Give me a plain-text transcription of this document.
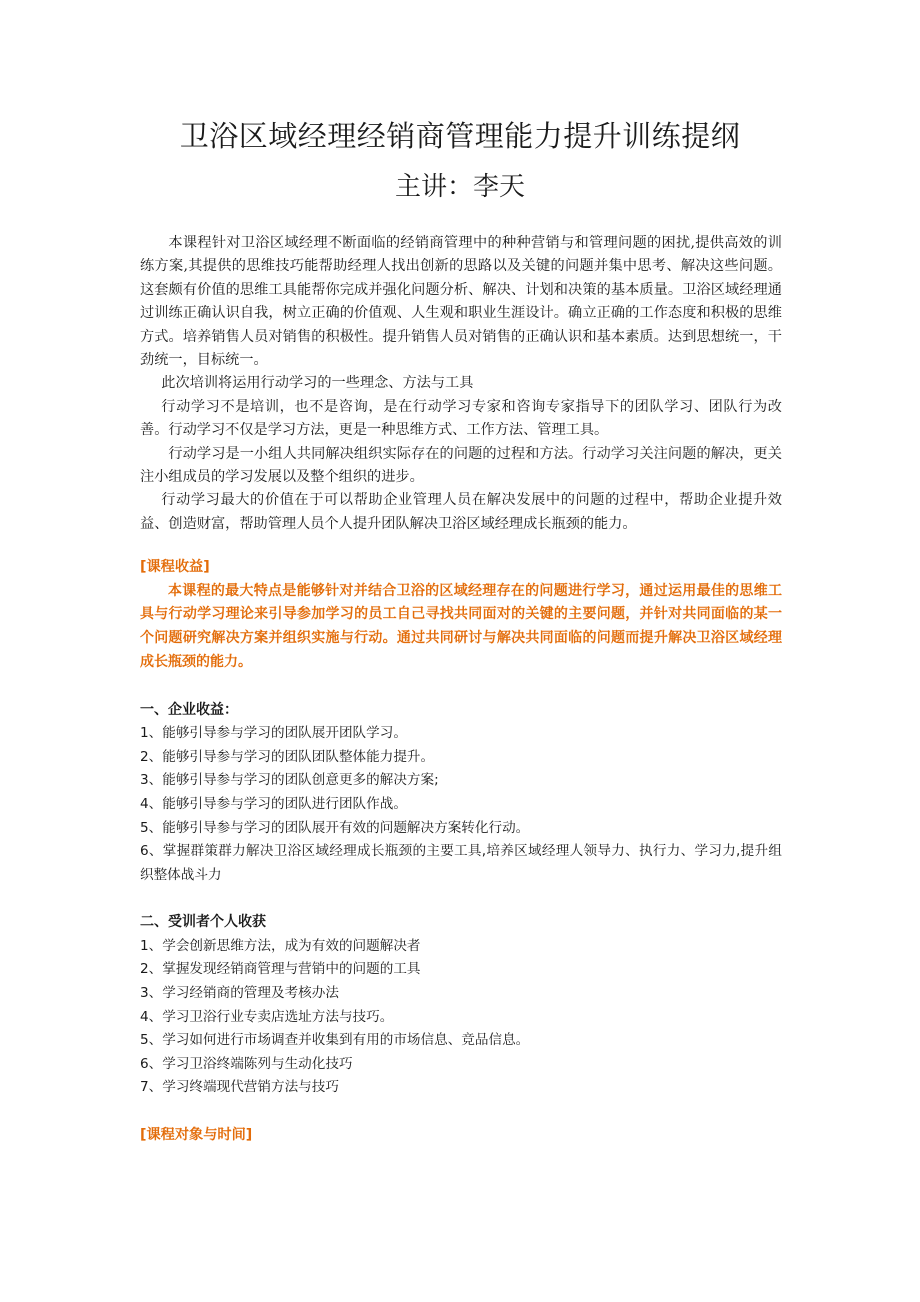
卫浴区域经理经销商管理能力提升训练提纲
主讲：李天

本课程针对卫浴区域经理不断面临的经销商管理中的种种营销与和管理问题的困扰,提供高效的训练方案,其提供的思维技巧能帮助经理人找出创新的思路以及关键的问题并集中思考、解决这些问题。这套颇有价值的思维工具能帮你完成并强化问题分析、解决、计划和决策的基本质量。卫浴区域经理通过训练正确认识自我，树立正确的价值观、人生观和职业生涯设计。确立正确的工作态度和积极的思维方式。培养销售人员对销售的积极性。提升销售人员对销售的正确认识和基本素质。达到思想统一，干劲统一，目标统一。

此次培训将运用行动学习的一些理念、方法与工具

行动学习不是培训，也不是咨询，是在行动学习专家和咨询专家指导下的团队学习、团队行为改善。行动学习不仅是学习方法，更是一种思维方式、工作方法、管理工具。

行动学习是一小组人共同解决组织实际存在的问题的过程和方法。行动学习关注问题的解决，更关注小组成员的学习发展以及整个组织的进步。

行动学习最大的价值在于可以帮助企业管理人员在解决发展中的问题的过程中，帮助企业提升效益、创造财富，帮助管理人员个人提升团队解决卫浴区域经理成长瓶颈的能力。

[课程收益]

本课程的最大特点是能够针对并结合卫浴的区域经理存在的问题进行学习，通过运用最佳的思维工具与行动学习理论来引导参加学习的员工自己寻找共同面对的关键的主要问题，并针对共同面临的某一个问题研究解决方案并组织实施与行动。通过共同研讨与解决共同面临的问题而提升解决卫浴区域经理成长瓶颈的能力。

一、企业收益：

1、能够引导参与学习的团队展开团队学习。

2、能够引导参与学习的团队团队整体能力提升。

3、能够引导参与学习的团队创意更多的解决方案;

4、能够引导参与学习的团队进行团队作战。

5、能够引导参与学习的团队展开有效的问题解决方案转化行动。

6、掌握群策群力解决卫浴区域经理成长瓶颈的主要工具,培养区域经理人领导力、执行力、学习力,提升组织整体战斗力

二、受训者个人收获

1、学会创新思维方法，成为有效的问题解决者

2、掌握发现经销商管理与营销中的问题的工具

3、学习经销商的管理及考核办法

4、学习卫浴行业专卖店选址方法与技巧。

5、学习如何进行市场调查并收集到有用的市场信息、竞品信息。

6、学习卫浴终端陈列与生动化技巧

7、学习终端现代营销方法与技巧

[课程对象与时间]
